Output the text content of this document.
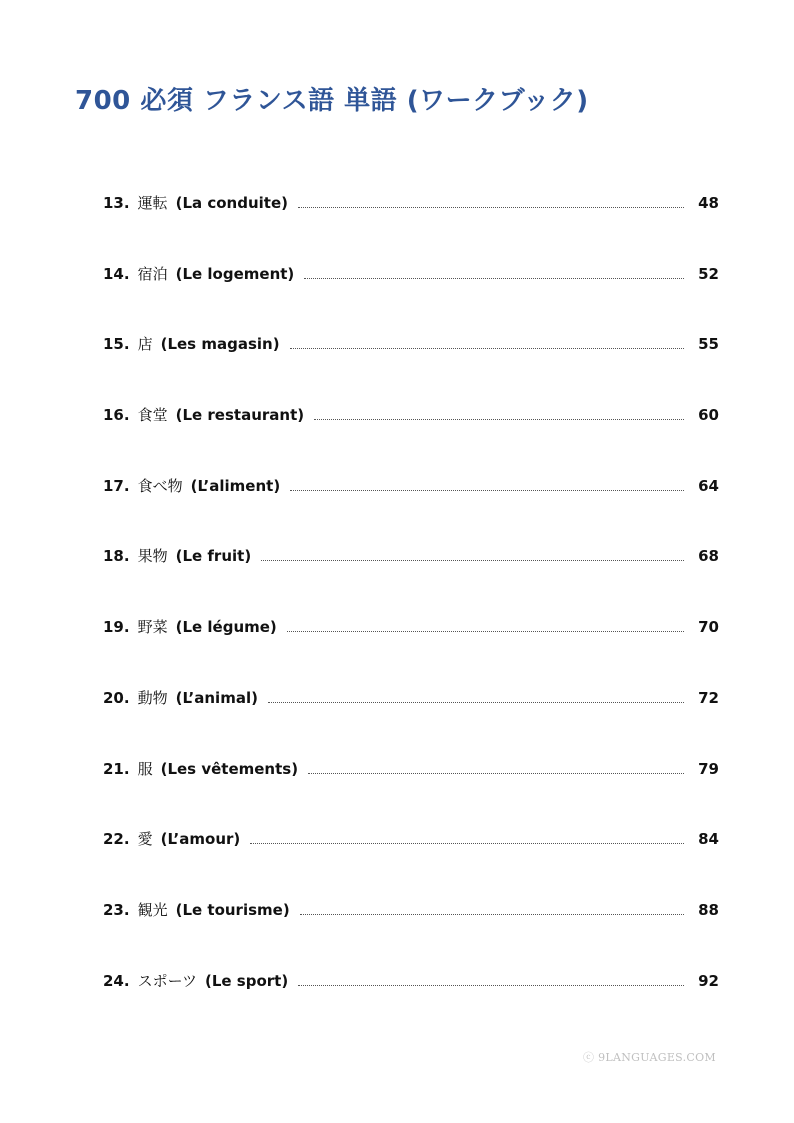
700 必須 フランス語 単語 (ワークブック)
13. 運転 (La conduite)	48
14. 宿泊 (Le logement)	52
15. 店 (Les magasin)	55
16. 食堂 (Le restaurant)	60
17. 食べ物 (L’aliment)	64
18. 果物 (Le fruit)	68
19. 野菜 (Le légume)	70
20. 動物 (L’animal)	72
21. 服 (Les vêtements)	79
22. 愛 (L’amour)	84
23. 観光 (Le tourisme)	88
24. スポーツ (Le sport)	92
ⓒ 9LANGUAGES.COM
